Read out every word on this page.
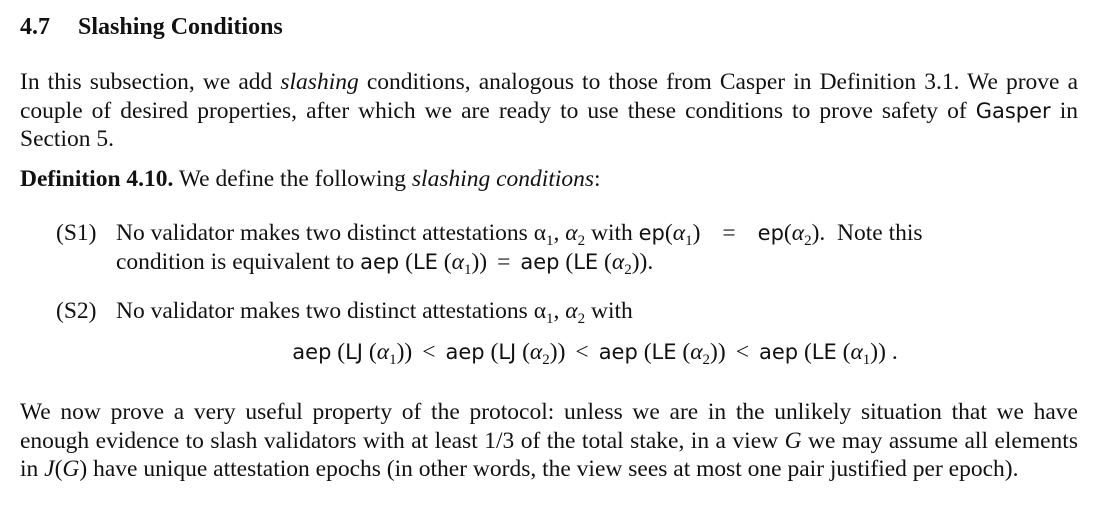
4.7 Slashing Conditions
In this subsection, we add slashing conditions, analogous to those from Casper in Definition 3.1. We prove a couple of desired properties, after which we are ready to use these conditions to prove safety of Gasper in Section 5.
Definition 4.10. We define the following slashing conditions:
(S1) No validator makes two distinct attestations $\alpha_1$, $\alpha_2$ with $ep(\alpha_1) = ep(\alpha_2)$.  Note this
condition is equivalent to aep (LE $(\alpha_1)$) = aep (LE $(\alpha_2)$).
(S2) No validator makes two distinct attestations $\alpha_1$, $\alpha_2$ with
aep (LJ $(\alpha_1)$) < aep (LJ $(\alpha_2)$) < aep (LE $(\alpha_2)$) < aep (LE $(\alpha_1)$) .
We now prove a very useful property of the protocol: unless we are in the unlikely situation that we have enough evidence to slash validators with at least 1/3 of the total stake, in a view G we may assume all elements in J(G) have unique attestation epochs (in other words, the view sees at most one pair justified per epoch).
